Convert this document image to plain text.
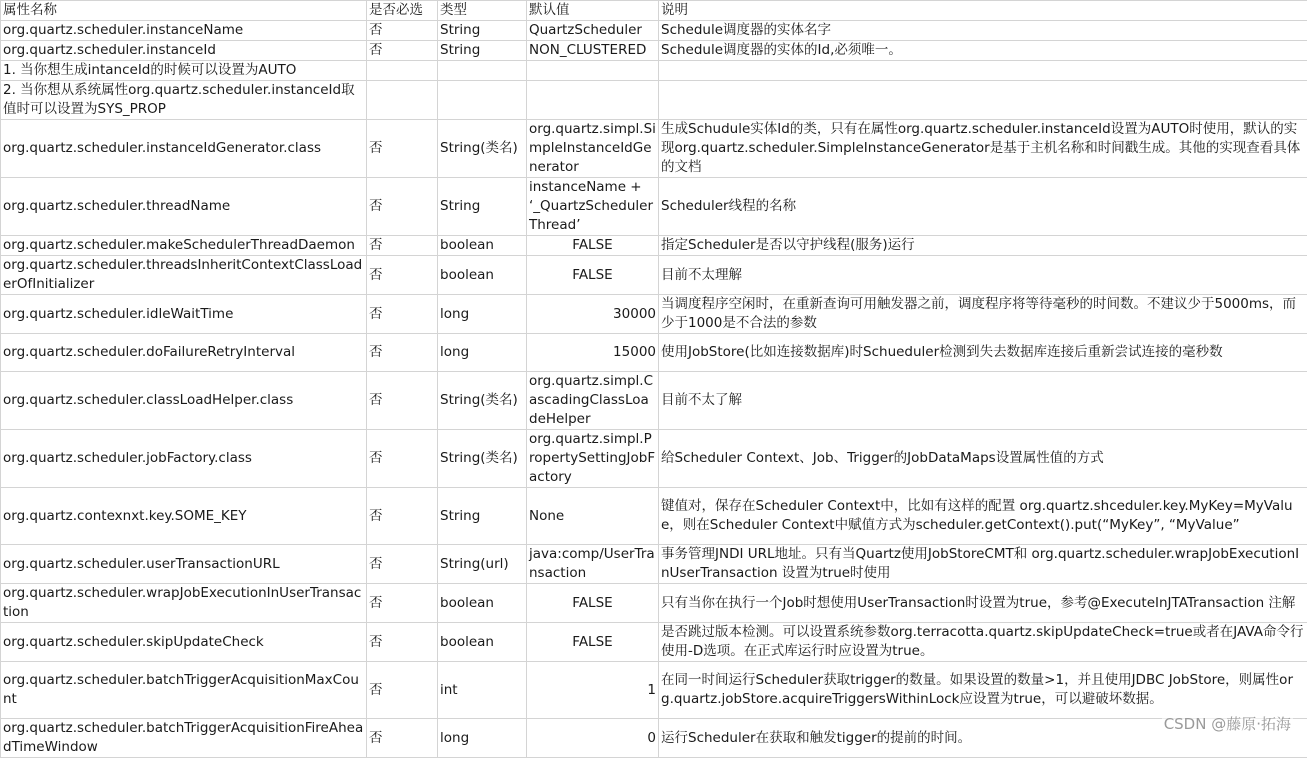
属性名称	是否必选	类型	默认值	说明
org.quartz.scheduler.instanceName	否	String	QuartzScheduler	Schedule调度器的实体名字
org.quartz.scheduler.instanceId	否	String	NON_CLUSTERED	Schedule调度器的实体的Id,必须唯一。
1. 当你想生成intanceId的时候可以设置为AUTO				
2. 当你想从系统属性org.quartz.scheduler.instanceId取值时可以设置为SYS_PROP				
org.quartz.scheduler.instanceIdGenerator.class	否	String(类名)	org.quartz.simpl.SimpleInstanceIdGenerator	生成Schudule实体Id的类，只有在属性org.quartz.scheduler.instanceId设置为AUTO时使用，默认的实现org.quartz.scheduler.SimpleInstanceGenerator是基于主机名称和时间戳生成。其他的实现查看具体的文档
org.quartz.scheduler.threadName	否	String	instanceName + ‘_QuartzSchedulerThread’	Scheduler线程的名称
org.quartz.scheduler.makeSchedulerThreadDaemon	否	boolean	FALSE	指定Scheduler是否以守护线程(服务)运行
org.quartz.scheduler.threadsInheritContextClassLoaderOfInitializer	否	boolean	FALSE	目前不太理解
org.quartz.scheduler.idleWaitTime	否	long	30000	当调度程序空闲时，在重新查询可用触发器之前，调度程序将等待毫秒的时间数。不建议少于5000ms，而少于1000是不合法的参数
org.quartz.scheduler.doFailureRetryInterval	否	long	15000	使用JobStore(比如连接数据库)时Schueduler检测到失去数据库连接后重新尝试连接的毫秒数
org.quartz.scheduler.classLoadHelper.class	否	String(类名)	org.quartz.simpl.CascadingClassLoadeHelper	目前不太了解
org.quartz.scheduler.jobFactory.class	否	String(类名)	org.quartz.simpl.PropertySettingJobFactory	给Scheduler Context、Job、Trigger的JobDataMaps设置属性值的方式
org.quartz.contexnxt.key.SOME_KEY	否	String	None	键值对，保存在Scheduler Context中，比如有这样的配置 org.quartz.shceduler.key.MyKey=MyValue，则在Scheduler Context中赋值方式为scheduler.getContext().put(“MyKey”, “MyValue”
org.quartz.scheduler.userTransactionURL	否	String(url)	java:comp/UserTransaction	事务管理JNDI URL地址。只有当Quartz使用JobStoreCMT和 org.quartz.scheduler.wrapJobExecutionInUserTransaction 设置为true时使用
org.quartz.scheduler.wrapJobExecutionInUserTransaction	否	boolean	FALSE	只有当你在执行一个Job时想使用UserTransaction时设置为true，参考@ExecuteInJTATransaction 注解
org.quartz.scheduler.skipUpdateCheck	否	boolean	FALSE	是否跳过版本检测。可以设置系统参数org.terracotta.quartz.skipUpdateCheck=true或者在JAVA命令行使用-D选项。在正式库运行时应设置为true。
org.quartz.scheduler.batchTriggerAcquisitionMaxCount	否	int	1	在同一时间运行Scheduler获取trigger的数量。如果设置的数量>1，并且使用JDBC JobStore，则属性org.quartz.jobStore.acquireTriggersWithinLock应设置为true，可以避破坏数据。
org.quartz.scheduler.batchTriggerAcquisitionFireAheadTimeWindow	否	long	0	运行Scheduler在获取和触发tigger的提前的时间。
CSDN @藤原·拓海
